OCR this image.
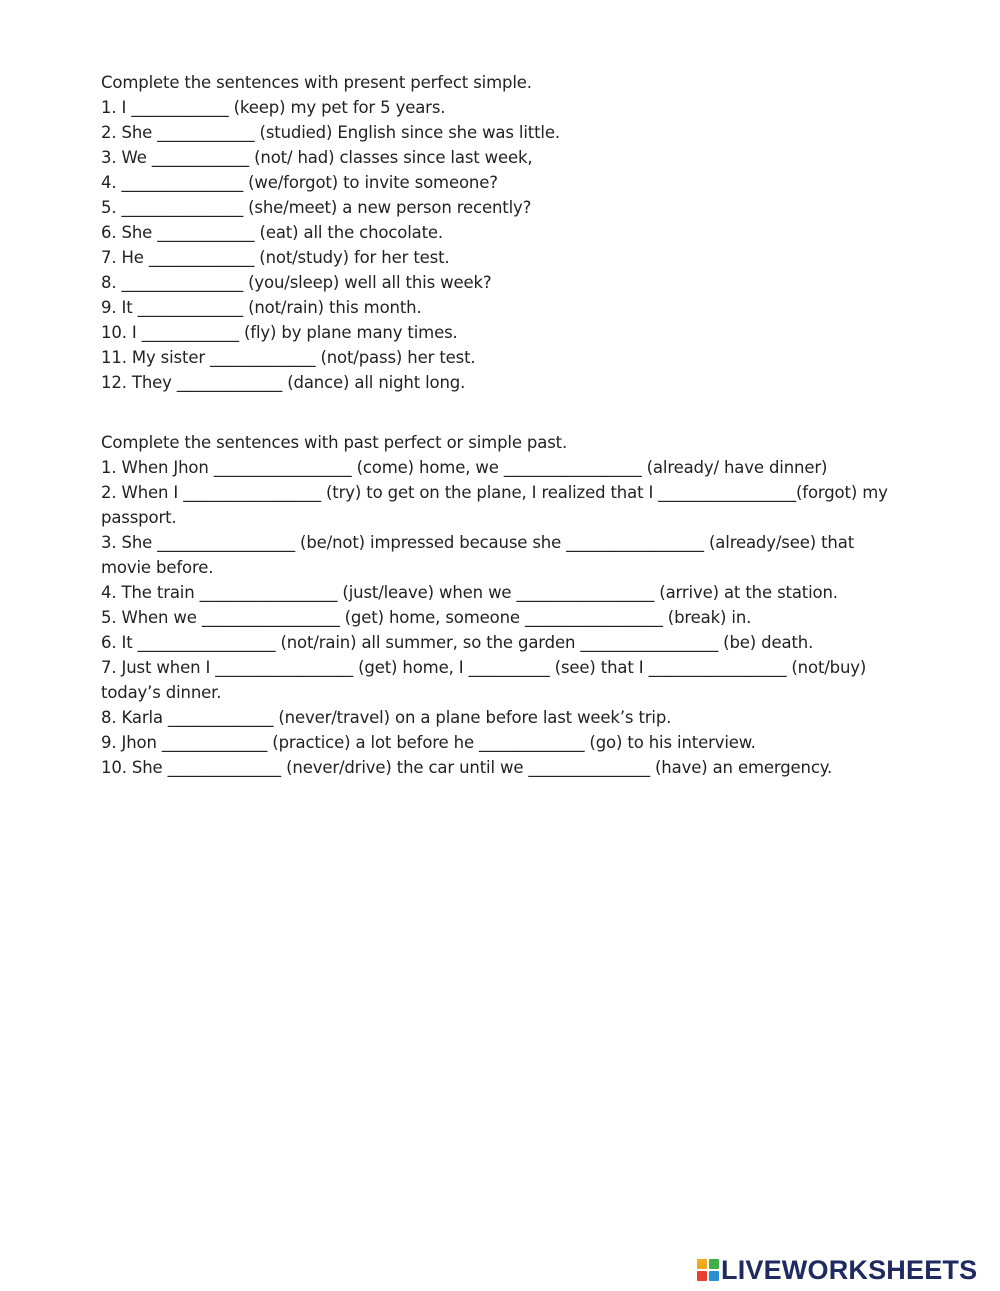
Complete the sentences with present perfect simple.
1. I ____________ (keep) my pet for 5 years.
2. She ____________ (studied) English since she was little.
3. We ____________ (not/ had) classes since last week,
4. _______________ (we/forgot) to invite someone?
5. _______________ (she/meet) a new person recently?
6. She ____________ (eat) all the chocolate.
7. He _____________ (not/study) for her test.
8. _______________ (you/sleep) well all this week?
9. It _____________ (not/rain) this month.
10. I ____________ (fly) by plane many times.
11. My sister _____________ (not/pass) her test.
12. They _____________ (dance) all night long.
Complete the sentences with past perfect or simple past.
1. When Jhon _________________ (come) home, we _________________ (already/ have dinner)
2. When I _________________ (try) to get on the plane, I realized that I _________________(forgot) my passport.
3. She _________________ (be/not) impressed because she _________________ (already/see) that movie before.
4. The train _________________ (just/leave) when we _________________ (arrive) at the station.
5. When we _________________ (get) home, someone _________________ (break) in.
6. It _________________ (not/rain) all summer, so the garden _________________ (be) death.
7. Just when I _________________ (get) home, I __________ (see) that I _________________ (not/buy) today’s dinner.
8. Karla _____________ (never/travel) on a plane before last week’s trip.
9. Jhon _____________ (practice) a lot before he _____________ (go) to his interview.
10. She ______________ (never/drive) the car until we _______________ (have) an emergency.
LIVEWORKSHEETS
